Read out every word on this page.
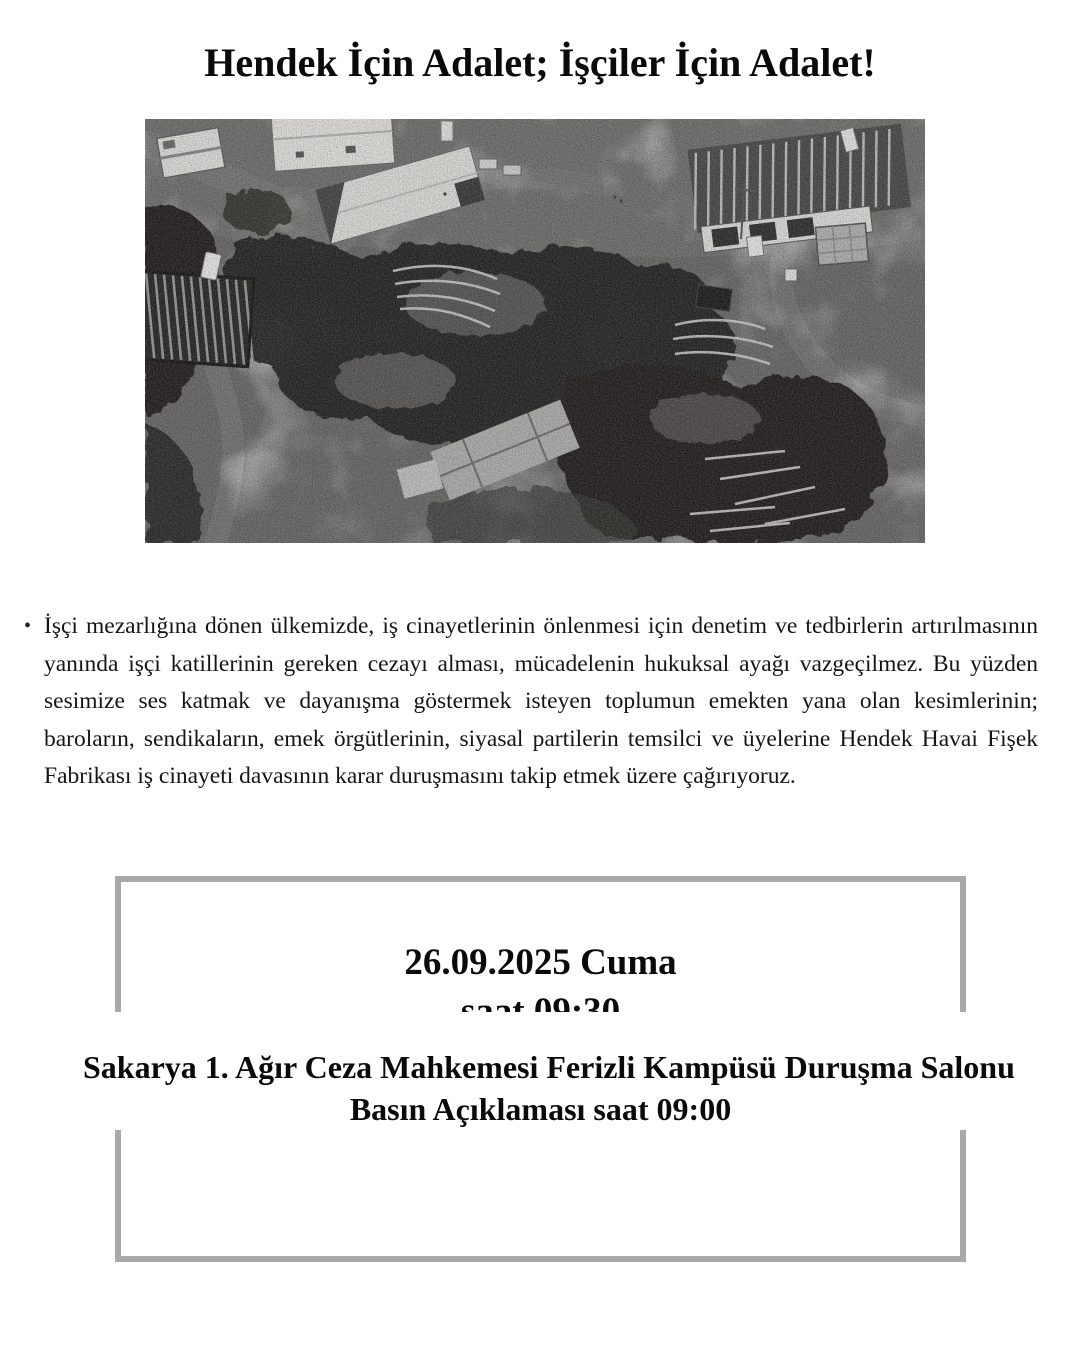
Hendek İçin Adalet; İşçiler İçin Adalet!
• İşçi mezarlığına dönen ülkemizde, iş cinayetlerinin önlenmesi için denetim ve tedbirlerin artırılmasının yanında işçi katillerinin gereken cezayı alması, mücadelenin hukuksal ayağı vazgeçilmez. Bu yüzden sesimize ses katmak ve dayanışma göstermek isteyen toplumun emekten yana olan kesimlerinin; baroların, sendikaların, emek örgütlerinin, siyasal partilerin temsilci ve üyelerine Hendek Havai Fişek Fabrikası iş cinayeti davasının karar duruşmasını takip etmek üzere çağırıyoruz.
26.09.2025 Cuma
Sakarya 1. Ağır Ceza Mahkemesi Ferizli Kampüsü Duruşma Salonu
Basın Açıklaması saat 09:00
